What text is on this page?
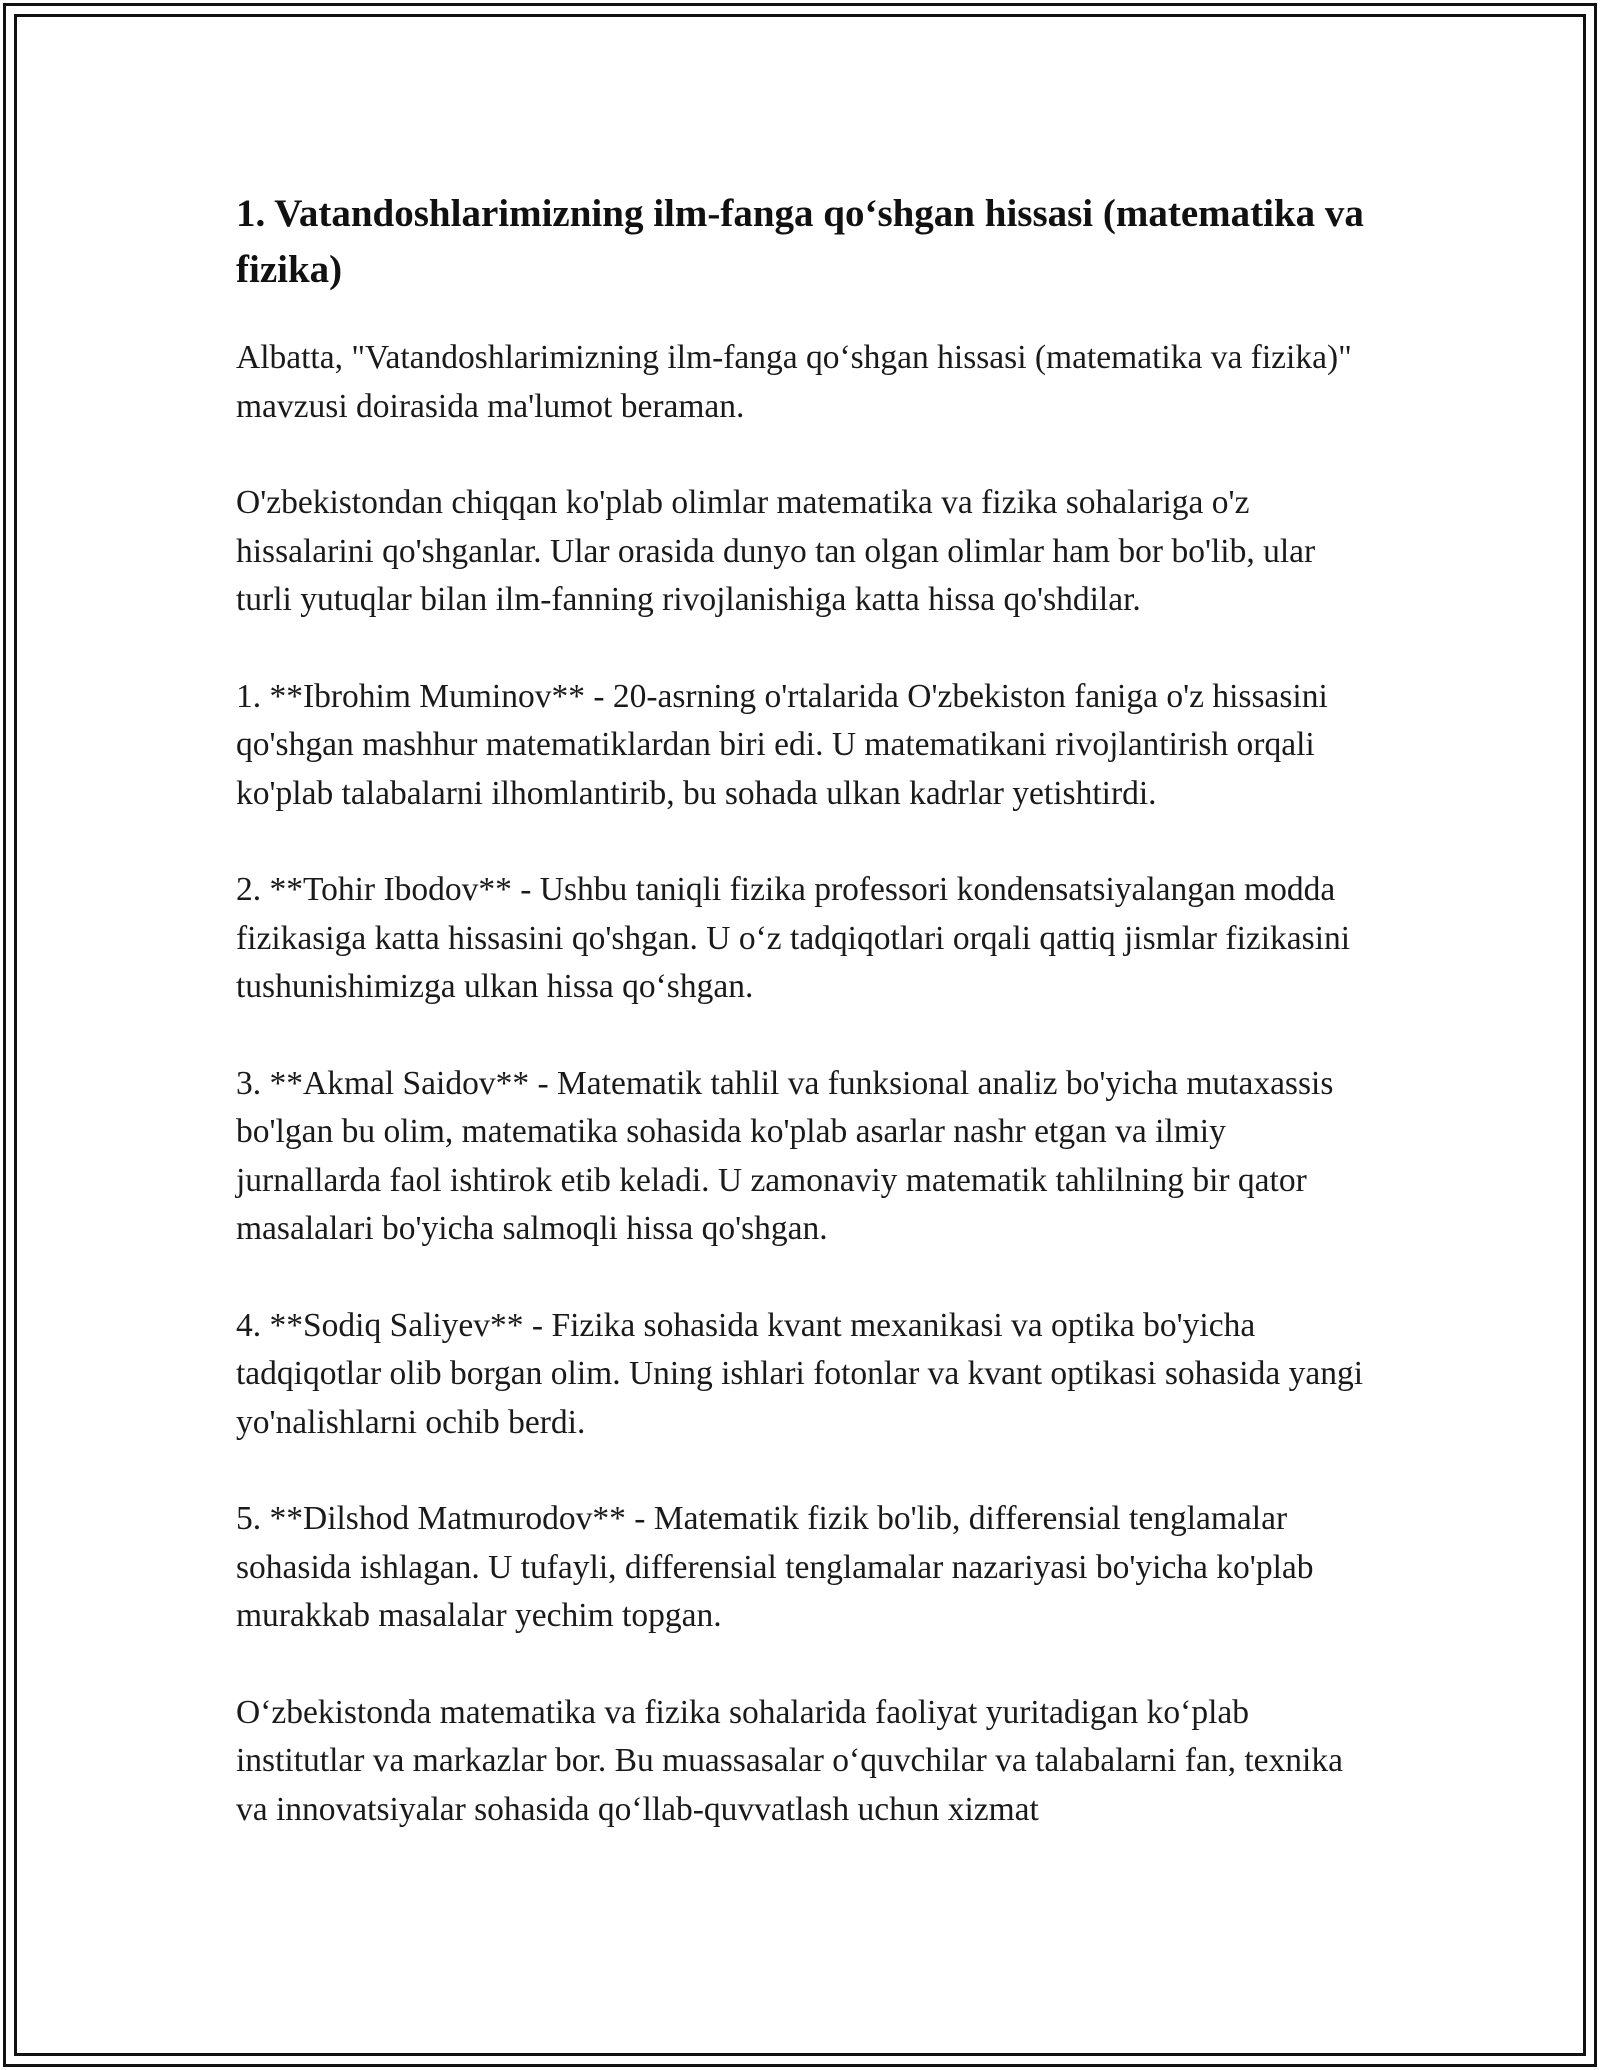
1. Vatandoshlarimizning ilm-fanga qo‘shgan hissasi (matematika va fizika)

Albatta, "Vatandoshlarimizning ilm-fanga qo‘shgan hissasi (matematika va fizika)" mavzusi doirasida ma'lumot beraman.

O'zbekistondan chiqqan ko'plab olimlar matematika va fizika sohalariga o'z hissalarini qo'shganlar. Ular orasida dunyo tan olgan olimlar ham bor bo'lib, ular turli yutuqlar bilan ilm-fanning rivojlanishiga katta hissa qo'shdilar.

1. **Ibrohim Muminov** - 20-asrning o'rtalarida O'zbekiston faniga o'z hissasini qo'shgan mashhur matematiklardan biri edi. U matematikani rivojlantirish orqali ko'plab talabalarni ilhomlantirib, bu sohada ulkan kadrlar yetishtirdi.

2. **Tohir Ibodov** - Ushbu taniqli fizika professori kondensatsiyalangan modda fizikasiga katta hissasini qo'shgan. U o‘z tadqiqotlari orqali qattiq jismlar fizikasini tushunishimizga ulkan hissa qo‘shgan.

3. **Akmal Saidov** - Matematik tahlil va funksional analiz bo'yicha mutaxassis bo'lgan bu olim, matematika sohasida ko'plab asarlar nashr etgan va ilmiy jurnallarda faol ishtirok etib keladi. U zamonaviy matematik tahlilning bir qator masalalari bo'yicha salmoqli hissa qo'shgan.

4. **Sodiq Saliyev** - Fizika sohasida kvant mexanikasi va optika bo'yicha tadqiqotlar olib borgan olim. Uning ishlari fotonlar va kvant optikasi sohasida yangi yo'nalishlarni ochib berdi.

5. **Dilshod Matmurodov** - Matematik fizik bo'lib, differensial tenglamalar sohasida ishlagan. U tufayli, differensial tenglamalar nazariyasi bo'yicha ko'plab murakkab masalalar yechim topgan.

O‘zbekistonda matematika va fizika sohalarida faoliyat yuritadigan ko‘plab institutlar va markazlar bor. Bu muassasalar o‘quvchilar va talabalarni fan, texnika va innovatsiyalar sohasida qo‘llab-quvvatlash uchun xizmat
